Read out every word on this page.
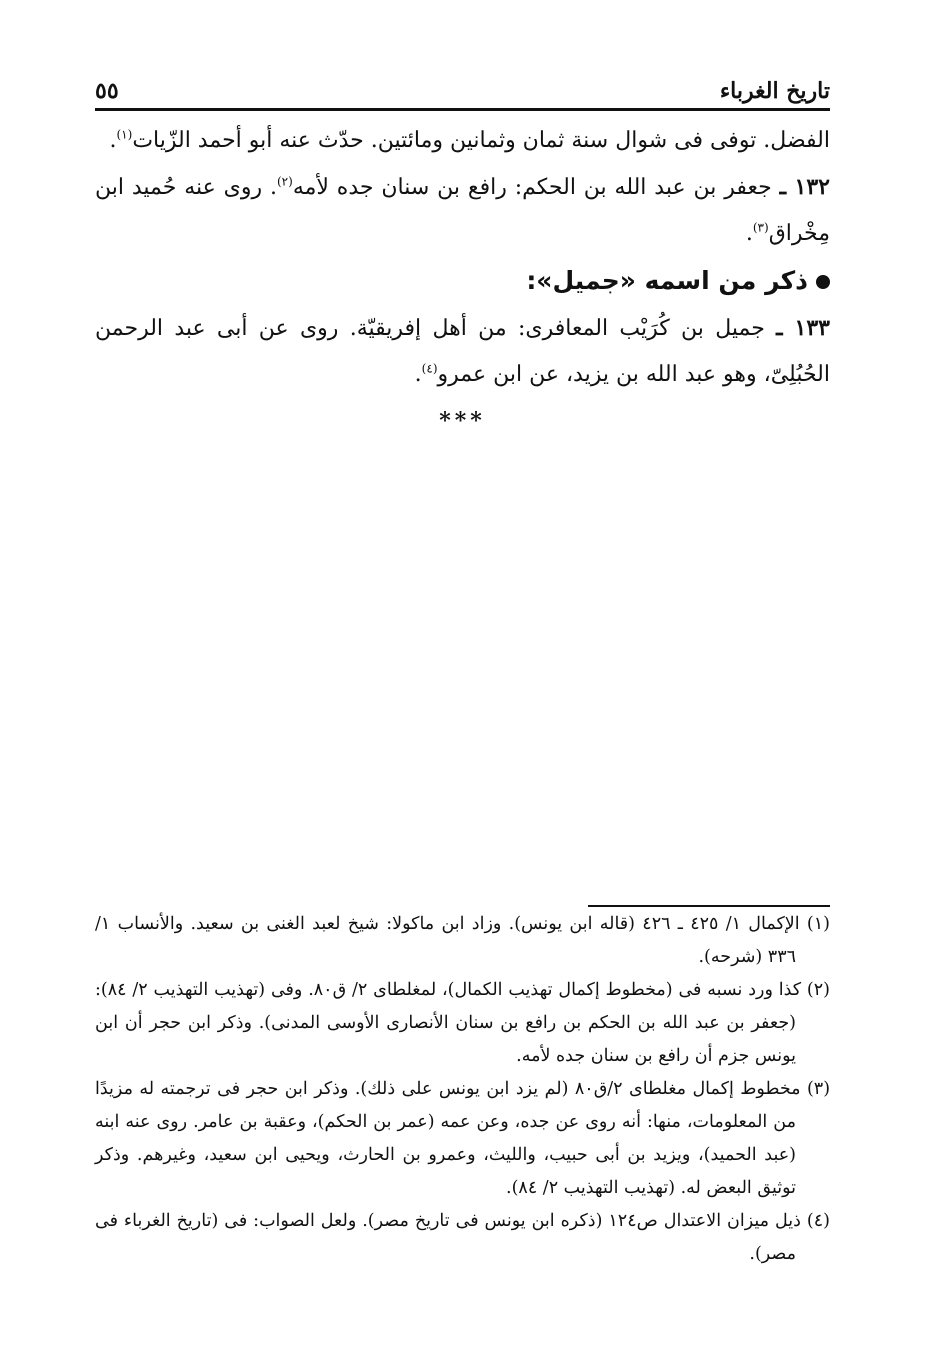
تاريخ الغرباء
٥٥

الفضل. توفى فى شوال سنة ثمان وثمانين ومائتين. حدّث عنه أبو أحمد الزّيات$^{(١)}$.

١٣٢ ـ جعفر بن عبد الله بن الحكم: رافع بن سنان جده لأمه$^{(٢)}$. روى عنه حُميد ابن مِخْراق$^{(٣)}$.

ذكر من اسمه «جميل»:

١٣٣ ـ جميل بن كُرَيْب المعافرى: من أهل إفريقيّة. روى عن أبى عبد الرحمن الحُبُلِىّ، وهو عبد الله بن يزيد، عن ابن عمرو$^{(٤)}$.

***

(١) الإكمال ١/ ٤٢٥ ـ ٤٢٦ (قاله ابن يونس). وزاد ابن ماكولا: شيخ لعبد الغنى بن سعيد. والأنساب ١/ ٣٣٦ (شرحه).

(٢) كذا ورد نسبه فى (مخطوط إكمال تهذيب الكمال)، لمغلطاى ٢/ ق٨٠. وفى (تهذيب التهذيب ٢/ ٨٤): (جعفر بن عبد الله بن الحكم بن رافع بن سنان الأنصارى الأوسى المدنى). وذكر ابن حجر أن ابن يونس جزم أن رافع بن سنان جده لأمه.

(٣) مخطوط إكمال مغلطاى ٢/ق٨٠ (لم يزد ابن يونس على ذلك). وذكر ابن حجر فى ترجمته له مزيدًا من المعلومات، منها: أنه روى عن جده، وعن عمه (عمر بن الحكم)، وعقبة بن عامر. روى عنه ابنه (عبد الحميد)، ويزيد بن أبى حبيب، والليث، وعمرو بن الحارث، ويحيى ابن سعيد، وغيرهم. وذكر توثيق البعض له. (تهذيب التهذيب ٢/ ٨٤).

(٤) ذيل ميزان الاعتدال ص١٢٤ (ذكره ابن يونس فى تاريخ مصر). ولعل الصواب: فى (تاريخ الغرباء فى مصر).
